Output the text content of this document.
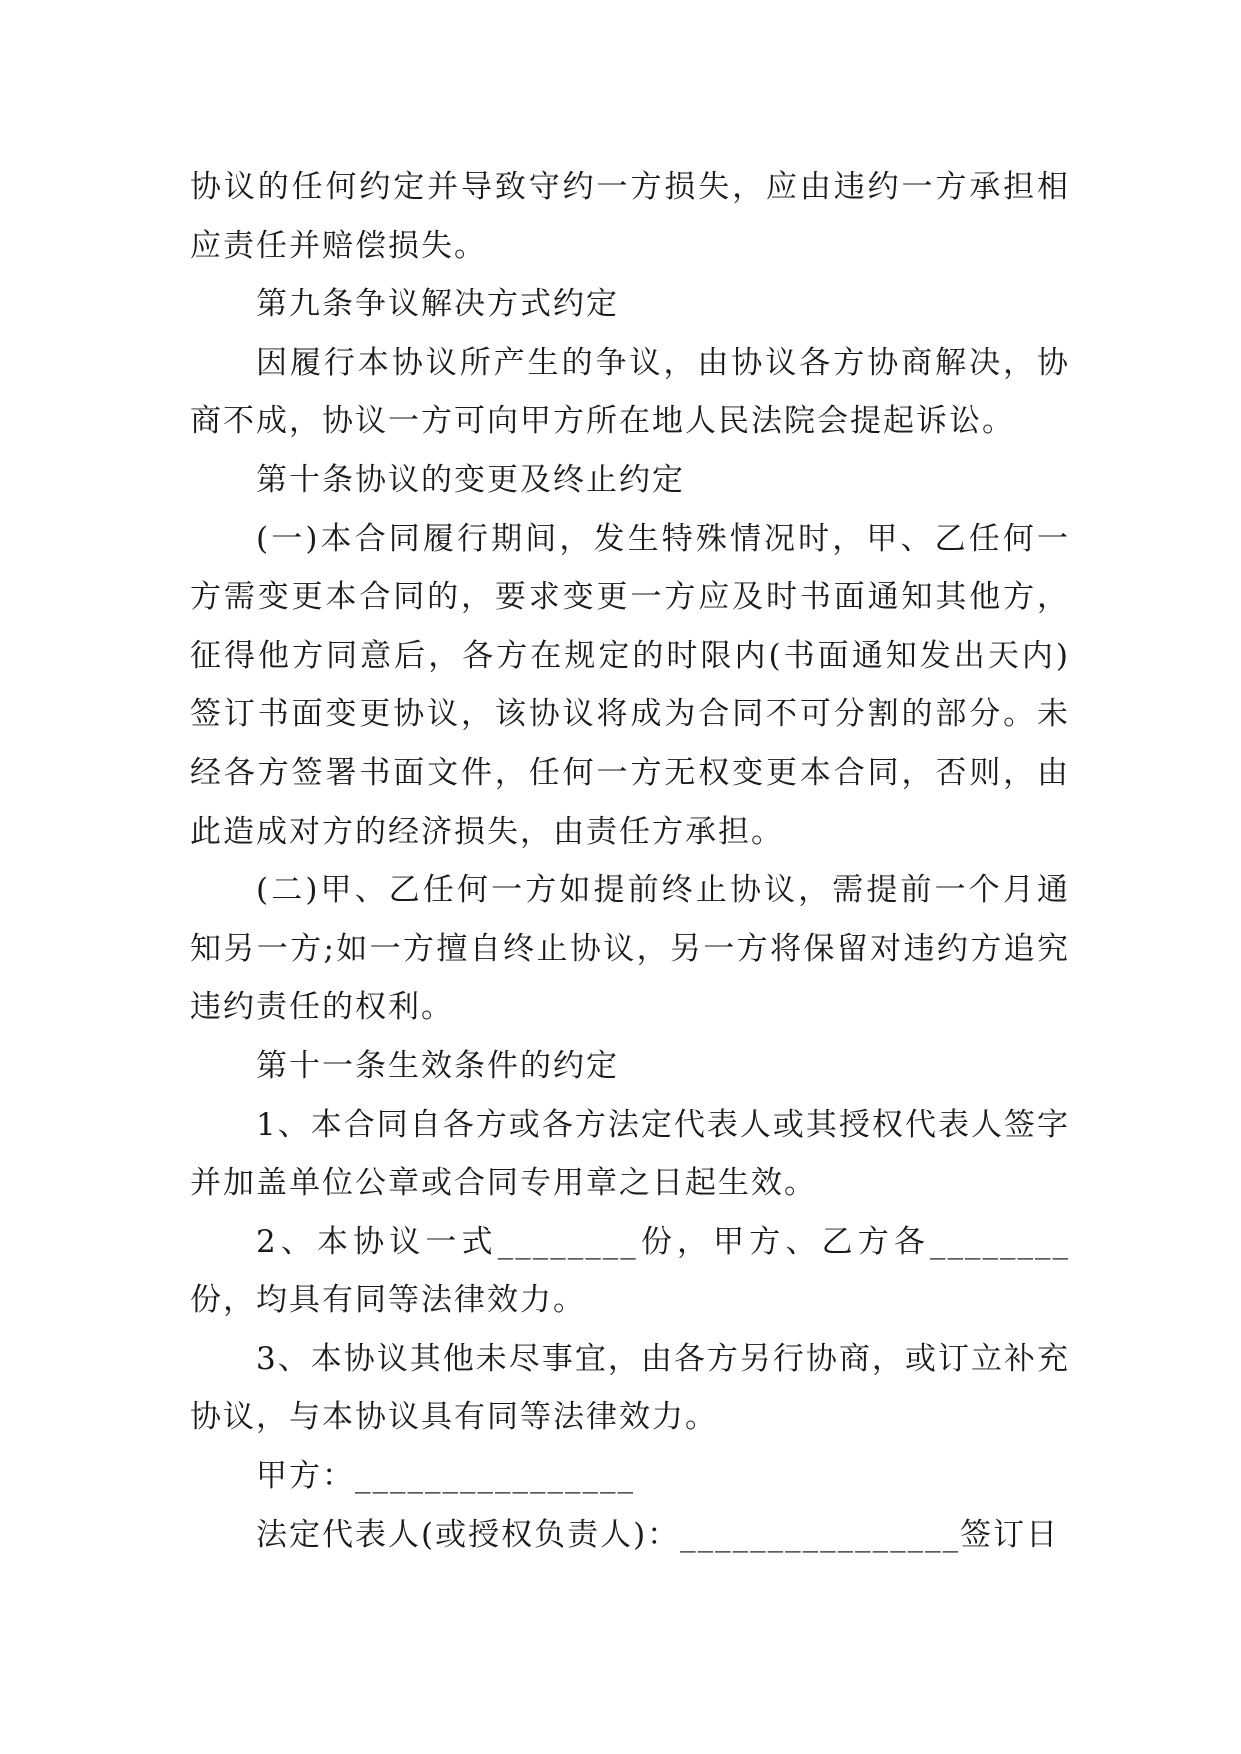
协议的任何约定并导致守约一方损失，应由违约一方承担相应责任并赔偿损失。

第九条争议解决方式约定

因履行本协议所产生的争议，由协议各方协商解决，协商不成，协议一方可向甲方所在地人民法院会提起诉讼。

第十条协议的变更及终止约定

(一)本合同履行期间，发生特殊情况时，甲、乙任何一方需变更本合同的，要求变更一方应及时书面通知其他方，征得他方同意后，各方在规定的时限内(书面通知发出天内)签订书面变更协议，该协议将成为合同不可分割的部分。未经各方签署书面文件，任何一方无权变更本合同，否则，由此造成对方的经济损失，由责任方承担。

(二)甲、乙任何一方如提前终止协议，需提前一个月通知另一方;如一方擅自终止协议，另一方将保留对违约方追究违约责任的权利。

第十一条生效条件的约定

1、本合同自各方或各方法定代表人或其授权代表人签字并加盖单位公章或合同专用章之日起生效。

2、本协议一式________份，甲方、乙方各________份，均具有同等法律效力。

3、本协议其他未尽事宜，由各方另行协商，或订立补充协议，与本协议具有同等法律效力。

甲方：________________

法定代表人(或授权负责人)：________________签订日
